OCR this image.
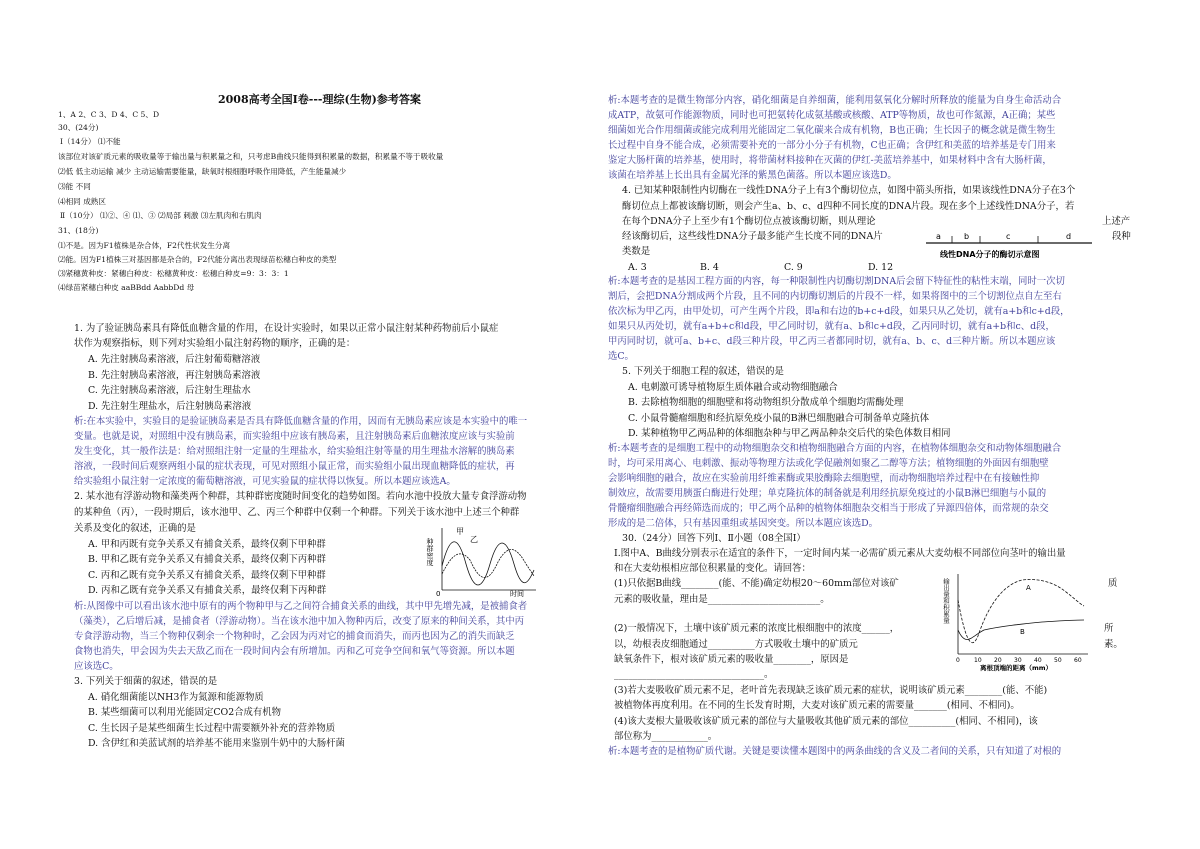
2008高考全国Ⅰ卷---理综(生物)参考答案
1、A 2、C 3、D 4、C 5、D
30、(24分)
Ⅰ（14分） ⑴不能
该部位对该矿质元素的吸收量等于输出量与积累量之和，只考虑B曲线只能得到积累量的数据，积累量不等于吸收量
⑵低 低主动运输 减少 主动运输需要能量，缺氧时根细胞呼吸作用降低，产生能量减少
⑶能 不同
⑷相同 成熟区
Ⅱ（10分） ⑴②、④ ⑴、③ ⑵局部 刺激 ⑶左肌肉和右肌肉
31、(18分)
⑴不是。因为F1植株是杂合体，F2代性状发生分离
⑵能。因为F1植株三对基因都是杂合的，F2代能分离出表现绿苗松穗白种皮的类型
⑶紧穗黄种皮：紧穗白种皮：松穗黄种皮：松穗白种皮=9：3：3：1
⑷绿苗紧穗白种皮 aaBBdd AabbDd 母
1. 为了验证胰岛素具有降低血糖含量的作用，在设计实验时，如果以正常小鼠注射某种药物前后小鼠症
状作为观察指标，则下列对实验组小鼠注射药物的顺序，正确的是：
A. 先注射胰岛素溶液，后注射葡萄糖溶液
B. 先注射胰岛素溶液，再注射胰岛素溶液
C. 先注射胰岛素溶液，后注射生理盐水
D. 先注射生理盐水，后注射胰岛素溶液
析:在本实验中，实验目的是验证胰岛素是否具有降低血糖含量的作用，因而有无胰岛素应该是本实验中的唯一
变量。也就是说，对照组中没有胰岛素，而实验组中应该有胰岛素，且注射胰岛素后血糖浓度应该与实验前
发生变化，其一般作法是：给对照组注射一定量的生理盐水，给实验组注射等量的用生理盐水溶解的胰岛素
溶液，一段时间后观察两组小鼠的症状表现，可见对照组小鼠正常，而实验组小鼠出现血糖降低的症状，再
给实验组小鼠注射一定浓度的葡萄糖溶液，可见实验鼠的症状得以恢复。所以本题应该选A。
2. 某水池有浮游动物和藻类两个种群，其种群密度随时间变化的趋势如图。若向水池中投放大量专食浮游动物
的某种鱼（丙），一段时期后，该水池甲、乙、丙三个种群中仅剩一个种群。下列关于该水池中上述三个种群
关系及变化的叙述，正确的是
A. 甲和丙既有竞争关系又有捕食关系，最终仅剩下甲种群
B. 甲和乙既有竞争关系又有捕食关系，最终仅剩下丙种群
C. 丙和乙既有竞争关系又有捕食关系，最终仅剩下甲种群
D. 丙和乙既有竞争关系又有捕食关系，最终仅剩下丙种群
种群密度
甲
乙
0	时间
析:从图像中可以看出该水池中原有的两个物种甲与乙之间符合捕食关系的曲线，其中甲先增先减，是被捕食者
（藻类），乙后增后减，是捕食者（浮游动物）。当在该水池中加入物种丙后，改变了原来的种间关系，其中丙
专食浮游动物，当三个物种仅剩余一个物种时，乙会因为丙对它的捕食而消失，而丙也因为乙的消失而缺乏
食物也消失，甲会因为失去天敌乙而在一段时间内会有所增加。丙和乙可竞争空间和氧气等资源。所以本题
应该选C。
3. 下列关于细菌的叙述，错误的是
A. 硝化细菌能以NH3作为氮源和能源物质
B. 某些细菌可以利用光能固定CO2合成有机物
C. 生长因子是某些细菌生长过程中需要额外补充的营养物质
D. 含伊红和美蓝试剂的培养基不能用来鉴别牛奶中的大肠杆菌
析:本题考查的是微生物部分内容，硝化细菌是自养细菌，能利用氨氧化分解时所释放的能量为自身生命活动合
成ATP，故氨可作能源物质，同时也可把氨转化成氨基酸或核酸、ATP等物质，故也可作氮源，A正确；某些
细菌如光合作用细菌或能完成利用光能固定二氧化碳来合成有机物，B也正确；生长因子的概念就是微生物生
长过程中自身不能合成，必须需要补充的一部分小分子有机物，C也正确；含伊红和美蓝的培养基是专门用来
鉴定大肠杆菌的培养基，使用时，将带菌材料接种在灭菌的伊红-美蓝培养基中，如果材料中含有大肠杆菌，
该菌在培养基上长出具有金属光泽的紫黑色菌落。所以本题应该选D。
4. 已知某种限制性内切酶在一线性DNA分子上有3个酶切位点，如图中箭头所指，如果该线性DNA分子在3个
酶切位点上都被该酶切断，则会产生a、b、c、d四种不同长度的DNA片段。现在多个上述线性DNA分子，若
在每个DNA分子上至少有1个酶切位点被该酶切断，则从理论
经该酶切后，这些线性DNA分子最多能产生长度不同的DNA片
类数是
上述产
段种
a	b	c	d
线性DNA分子的酶切示意图
A. 3	B. 4	C. 9	D. 12
析:本题考查的是基因工程方面的内容，每一种限制性内切酶切割DNA后会留下特征性的粘性末端，同时一次切
割后，会把DNA分割成两个片段，且不同的内切酶切割后的片段不一样，如果将图中的三个切割位点自左至右
依次标为甲乙丙，由甲处切，可产生两个片段，即a和右边的b+c+d段，如果只从乙处切，就有a+b和c+d段，
如果只从丙处切，就有a+b+c和d段，甲乙同时切，就有a、b和c+d段，乙丙同时切，就有a+b和c、d段，
甲丙同时切，就可a、b+c、d段三种片段，甲乙丙三者都同时切，就有a、b、c、d三种片断。所以本题应该
选C。
5. 下列关于细胞工程的叙述，错误的是
A. 电刺激可诱导植物原生质体融合或动物细胞融合
B. 去除植物细胞的细胞壁和将动物组织分散成单个细胞均需酶处理
C. 小鼠骨髓瘤细胞和经抗原免疫小鼠的B淋巴细胞融合可制备单克隆抗体
D. 某种植物甲乙两品种的体细胞杂种与甲乙两品种杂交后代的染色体数目相同
析:本题考查的是细胞工程中的动物细胞杂交和植物细胞融合方面的内容，在植物体细胞杂交和动物体细胞融合
时，均可采用离心、电刺激、振动等物理方法或化学促融剂如聚乙二醇等方法；植物细胞的外面因有细胞壁
会影响细胞的融合，故应在实验前用纤维素酶或果胶酶除去细胞壁，而动物细胞培养过程中在有接触性抑
制效应，故需要用胰蛋白酶进行处理；单克隆抗体的制备就是利用经抗原免疫过的小鼠B淋巴细胞与小鼠的
骨髓瘤细胞融合再经筛选而成的；甲乙两个品种的植物体细胞杂交相当于形成了异源四倍体，而常规的杂交
形成的是二倍体，只有基因重组或基因突变。所以本题应该选D。
30.（24分）回答下列Ⅰ、Ⅱ小题（08全国Ⅰ）
Ⅰ.图中A、B曲线分别表示在适宜的条件下，一定时间内某一必需矿质元素从大麦幼根不同部位向茎叶的输出量
和在大麦幼根相应部位积累量的变化。请回答：
(1)只依据B曲线________(能、不能)确定幼根20～60mm部位对该矿
元素的吸收量，理由是________________________。
(2)一般情况下，土壤中该矿质元素的浓度比根细胞中的浓度______，
以，幼根表皮细胞通过__________方式吸收土壤中的矿质元
缺氧条件下，根对该矿质元素的吸收量________，原因是
________________________________。
(3)若大麦吸收矿质元素不足，老叶首先表现缺乏该矿质元素的症状，说明该矿质元素________(能、不能)
被植物体再度利用。在不同的生长发育时期，大麦对该矿质元素的需要量_______(相同、不相同)。
(4)该大麦根大量吸收该矿质元素的部位与大量吸收其他矿质元素的部位__________(相同、不相同)，该
部位称为____________。
质
所
素。
输出量和积累量	A
B
0 10 20 30 40 50 60
离根顶端的距离（mm）
析:本题考查的是植物矿质代谢。关键是要读懂本题图中的两条曲线的含义及二者间的关系，只有知道了对根的
